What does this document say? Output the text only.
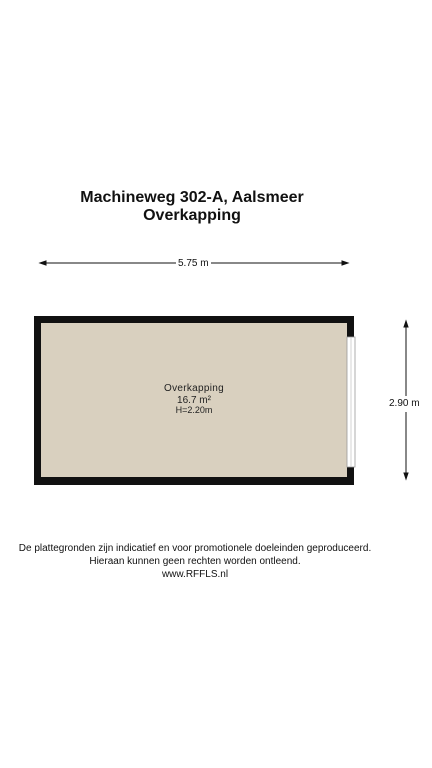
Machineweg 302-A, Aalsmeer
Overkapping
5.75 m
2.90 m
Overkapping
16.7 m²
H=2.20m
De plattegronden zijn indicatief en voor promotionele doeleinden geproduceerd.
Hieraan kunnen geen rechten worden ontleend.
www.RFFLS.nl
